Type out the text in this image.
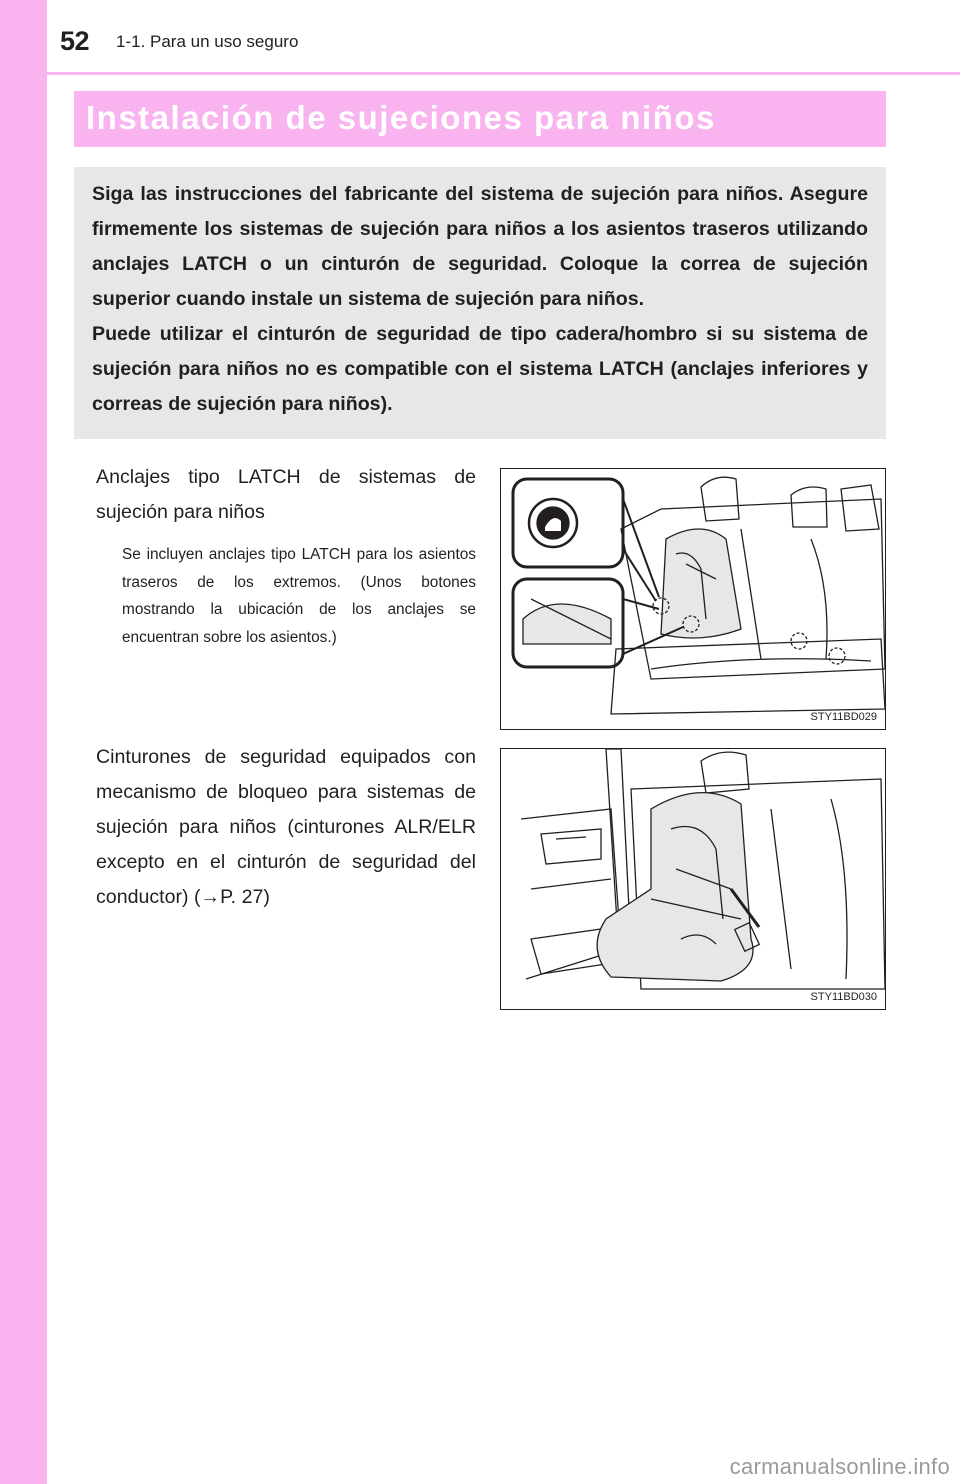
52 1-1. Para un uso seguro
Instalación de sujeciones para niños

Siga las instrucciones del fabricante del sistema de sujeción para niños. Asegure firmemente los sistemas de sujeción para niños a los asientos traseros utilizando anclajes LATCH o un cinturón de seguridad. Coloque la correa de sujeción superior cuando instale un sistema de sujeción para niños.

Puede utilizar el cinturón de seguridad de tipo cadera/hombro si su sistema de sujeción para niños no es compatible con el sistema LATCH (anclajes inferiores y correas de sujeción para niños).

Anclajes tipo LATCH de sistemas de sujeción para niños

Se incluyen anclajes tipo LATCH para los asientos traseros de los extremos. (Unos botones mostrando la ubicación de los anclajes se encuentran sobre los asientos.)

STY11BD029

Cinturones de seguridad equipados con mecanismo de bloqueo para sistemas de sujeción para niños (cinturones ALR/ELR excepto en el cinturón de seguridad del conductor) (→P. 27)

STY11BD030
carmanualsonline.info
